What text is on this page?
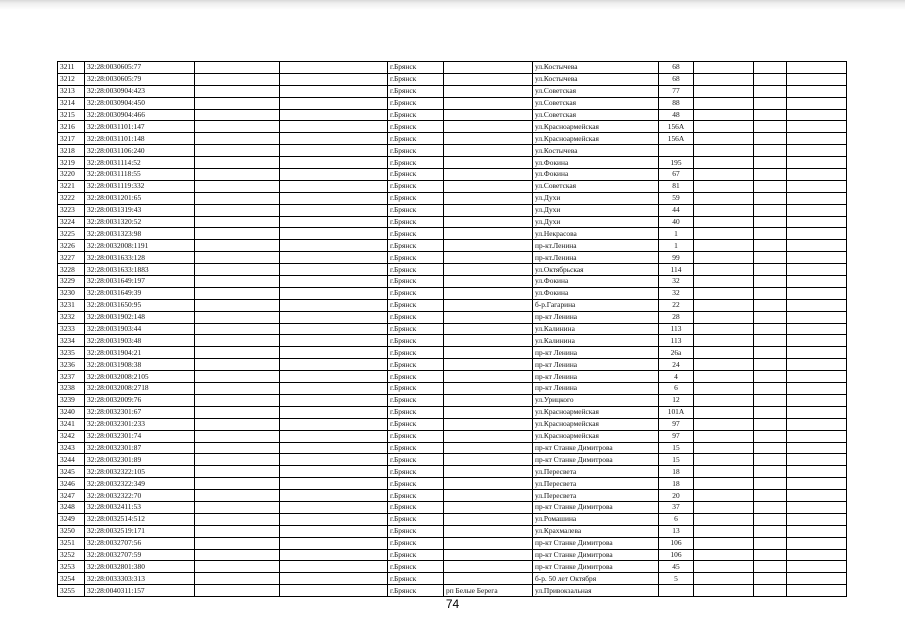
3211	32:28:0030605:77			г.Брянск		ул.Костычева	68			
3212	32:28:0030605:79			г.Брянск		ул.Костычева	68			
3213	32:28:0030904:423			г.Брянск		ул.Советская	77			
3214	32:28:0030904:450			г.Брянск		ул.Советская	88			
3215	32:28:0030904:466			г.Брянск		ул.Советская	48			
3216	32:28:0031101:147			г.Брянск		ул.Красноармейская	156А			
3217	32:28:0031101:148			г.Брянск		ул.Красноармейская	156А			
3218	32:28:0031106:240			г.Брянск		ул.Костычева				
3219	32:28:0031114:52			г.Брянск		ул.Фокина	195			
3220	32:28:0031118:55			г.Брянск		ул.Фокина	67			
3221	32:28:0031119:332			г.Брянск		ул.Советская	81			
3222	32:28:0031201:65			г.Брянск		ул.Духи	59			
3223	32:28:0031319:43			г.Брянск		ул.Духи	44			
3224	32:28:0031320:52			г.Брянск		ул.Духи	40			
3225	32:28:0031323:98			г.Брянск		ул.Некрасова	1			
3226	32:28:0032008:1191			г.Брянск		пр-кт.Ленина	1			
3227	32:28:0031633:128			г.Брянск		пр-кт.Ленина	99			
3228	32:28:0031633:1883			г.Брянск		ул.Октябрьская	114			
3229	32:28:0031649:197			г.Брянск		ул.Фокина	32			
3230	32:28:0031649:39			г.Брянск		ул.Фокина	32			
3231	32:28:0031650:95			г.Брянск		б-р.Гагарина	22			
3232	32:28:0031902:148			г.Брянск		пр-кт Ленина	28			
3233	32:28:0031903:44			г.Брянск		ул.Калинина	113			
3234	32:28:0031903:48			г.Брянск		ул.Калинина	113			
3235	32:28:0031904:21			г.Брянск		пр-кт Ленина	26а			
3236	32:28:0031908:38			г.Брянск		пр-кт Ленина	24			
3237	32:28:0032008:2105			г.Брянск		пр-кт Ленина	4			
3238	32:28:0032008:2718			г.Брянск		пр-кт Ленина	6			
3239	32:28:0032009:76			г.Брянск		ул.Урицкого	12			
3240	32:28:0032301:67			г.Брянск		ул.Красноармейская	101А			
3241	32:28:0032301:233			г.Брянск		ул.Красноармейская	97			
3242	32:28:0032301:74			г.Брянск		ул.Красноармейская	97			
3243	32:28:0032301:87			г.Брянск		пр-кт Станке Димитрова	15			
3244	32:28:0032301:89			г.Брянск		пр-кт Станке Димитрова	15			
3245	32:28:0032322:105			г.Брянск		ул.Пересвета	18			
3246	32:28:0032322:349			г.Брянск		ул.Пересвета	18			
3247	32:28:0032322:70			г.Брянск		ул.Пересвета	20			
3248	32:28:0032411:53			г.Брянск		пр-кт Станке Димитрова	37			
3249	32:28:0032514:512			г.Брянск		ул.Ромашина	6			
3250	32:28:0032519:171			г.Брянск		ул.Крахмалева	13			
3251	32:28:0032707:56			г.Брянск		пр-кт Станке Димитрова	106			
3252	32:28:0032707:59			г.Брянск		пр-кт Станке Димитрова	106			
3253	32:28:0032801:380			г.Брянск		пр-кт Станке Димитрова	45			
3254	32:28:0033303:313			г.Брянск		б-р. 50 лет Октября	5			
3255	32:28:0040311:157			г.Брянск	рп Белые Берега	ул.Привокзальная				
74
